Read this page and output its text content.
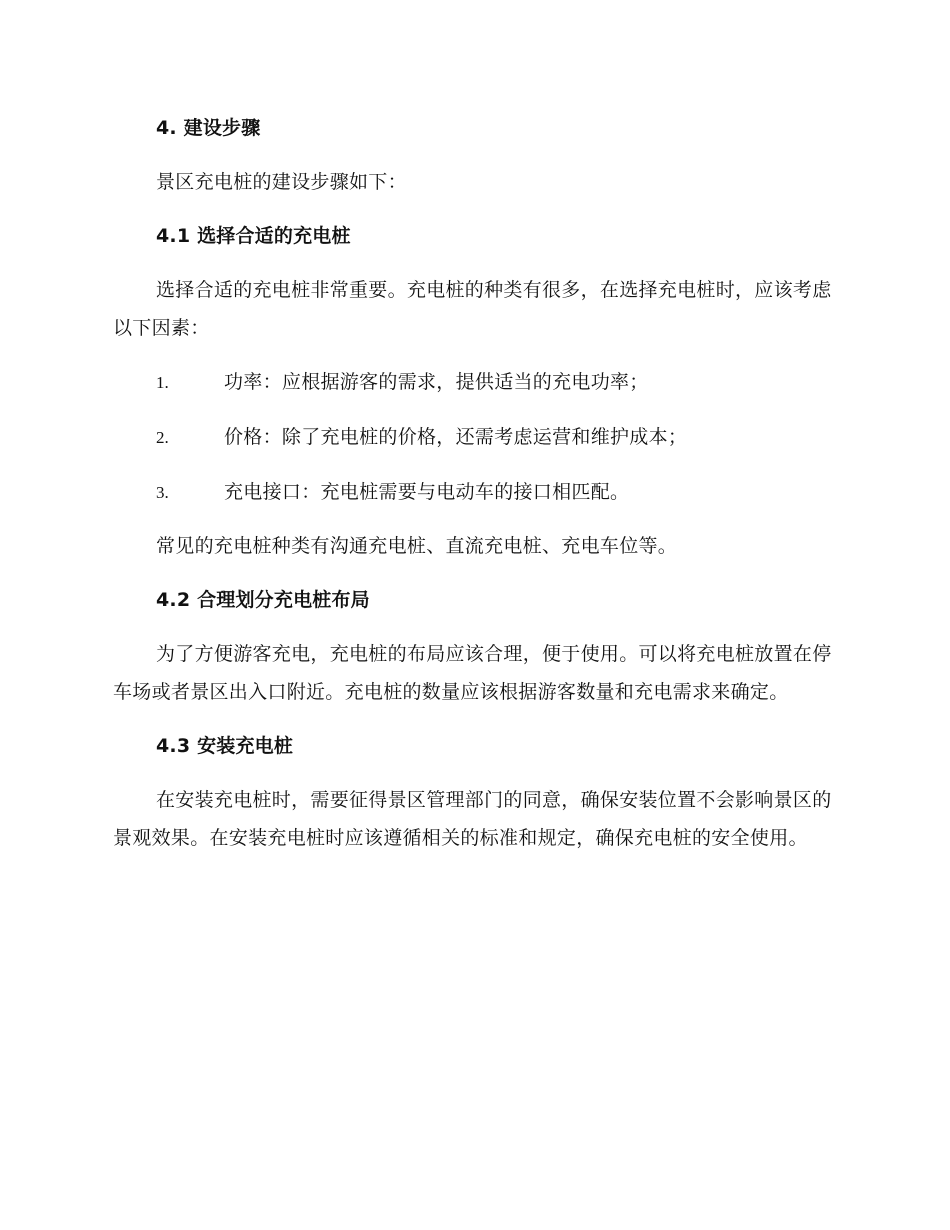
4. 建设步骤

景区充电桩的建设步骤如下：

4.1 选择合适的充电桩

选择合适的充电桩非常重要。充电桩的种类有很多，在选择充电桩时，应该考虑以下因素：

1.	功率：应根据游客的需求，提供适当的充电功率；
2.	价格：除了充电桩的价格，还需考虑运营和维护成本；
3.	充电接口：充电桩需要与电动车的接口相匹配。

常见的充电桩种类有沟通充电桩、直流充电桩、充电车位等。

4.2 合理划分充电桩布局

为了方便游客充电，充电桩的布局应该合理，便于使用。可以将充电桩放置在停车场或者景区出入口附近。充电桩的数量应该根据游客数量和充电需求来确定。

4.3 安装充电桩

在安装充电桩时，需要征得景区管理部门的同意，确保安装位置不会影响景区的景观效果。在安装充电桩时应该遵循相关的标准和规定，确保充电桩的安全使用。
